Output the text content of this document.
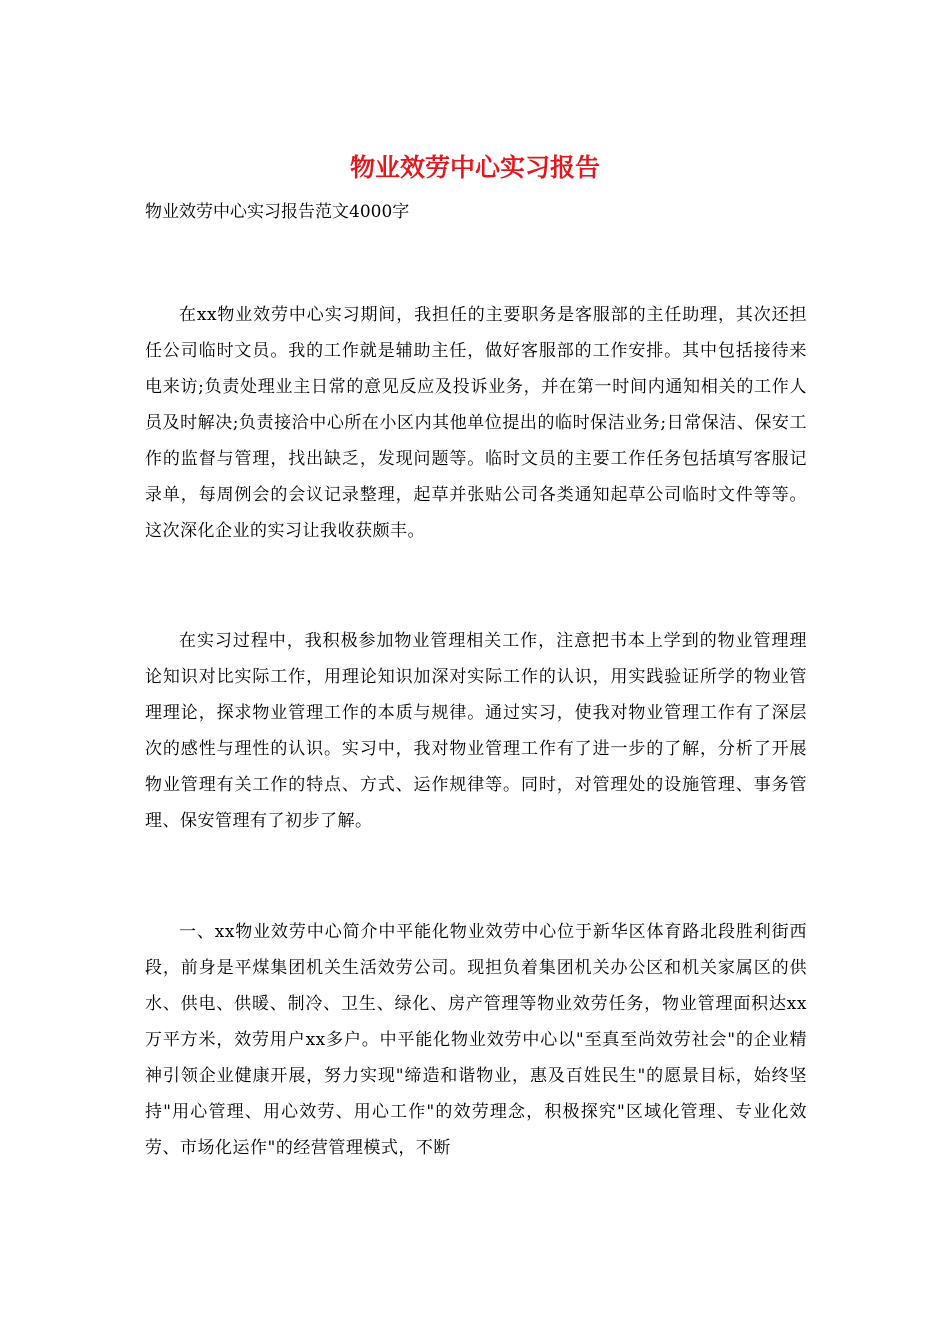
物业效劳中心实习报告

物业效劳中心实习报告范文4000字

在xx物业效劳中心实习期间，我担任的主要职务是客服部的主任助理，其次还担任公司临时文员。我的工作就是辅助主任，做好客服部的工作安排。其中包括接待来电来访;负责处理业主日常的意见反应及投诉业务，并在第一时间内通知相关的工作人员及时解决;负责接洽中心所在小区内其他单位提出的临时保洁业务;日常保洁、保安工作的监督与管理，找出缺乏，发现问题等。临时文员的主要工作任务包括填写客服记录单，每周例会的会议记录整理，起草并张贴公司各类通知起草公司临时文件等等。这次深化企业的实习让我收获颇丰。

在实习过程中，我积极参加物业管理相关工作，注意把书本上学到的物业管理理论知识对比实际工作，用理论知识加深对实际工作的认识，用实践验证所学的物业管理理论，探求物业管理工作的本质与规律。通过实习，使我对物业管理工作有了深层次的感性与理性的认识。实习中，我对物业管理工作有了进一步的了解，分析了开展物业管理有关工作的特点、方式、运作规律等。同时，对管理处的设施管理、事务管理、保安管理有了初步了解。

一、xx物业效劳中心简介中平能化物业效劳中心位于新华区体育路北段胜利街西段，前身是平煤集团机关生活效劳公司。现担负着集团机关办公区和机关家属区的供水、供电、供暖、制冷、卫生、绿化、房产管理等物业效劳任务，物业管理面积达xx万平方米，效劳用户xx多户。中平能化物业效劳中心以"至真至尚效劳社会"的企业精神引领企业健康开展，努力实现"缔造和谐物业，惠及百姓民生"的愿景目标，始终坚持"用心管理、用心效劳、用心工作"的效劳理念，积极探究"区域化管理、专业化效劳、市场化运作"的经营管理模式，不断
